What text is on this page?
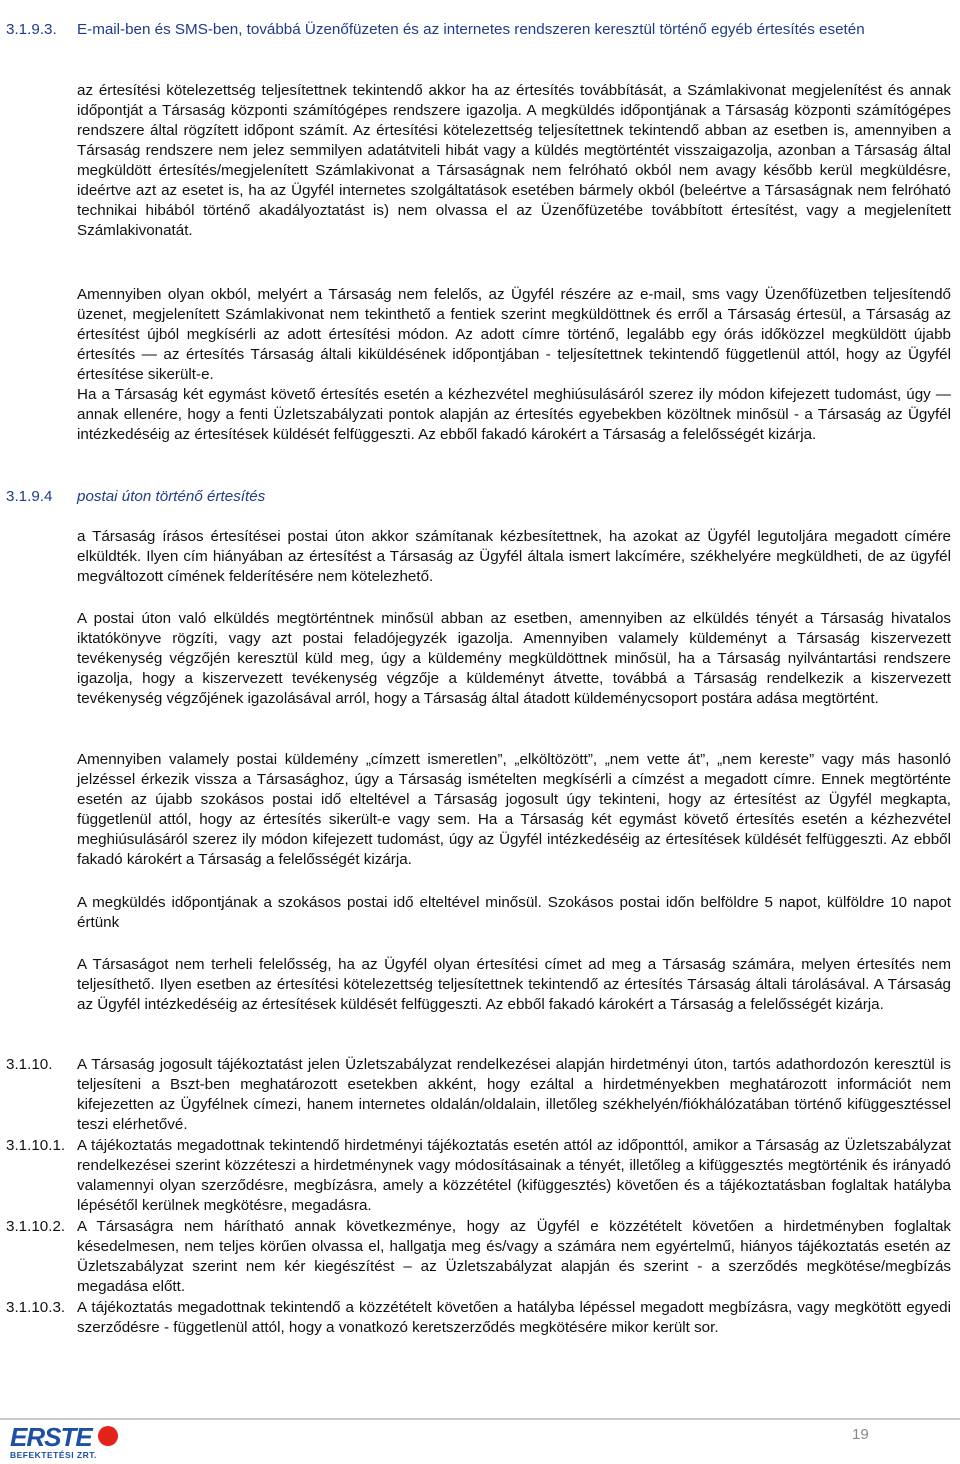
3.1.9.3. E-mail-ben és SMS-ben, továbbá Üzenőfüzeten és az internetes rendszeren keresztül történő egyéb értesítés esetén

az értesítési kötelezettség teljesítettnek tekintendő akkor ha az értesítés továbbítását, a Számlakivonat megjelenítést és annak időpontját a Társaság központi számítógépes rendszere igazolja. A megküldés időpontjának a Társaság központi számítógépes rendszere által rögzített időpont számít. Az értesítési kötelezettség teljesítettnek tekintendő abban az esetben is, amennyiben a Társaság rendszere nem jelez semmilyen adatátviteli hibát vagy a küldés megtörténtét visszaigazolja, azonban a Társaság által megküldött értesítés/megjelenített Számlakivonat a Társaságnak nem felróható okból nem avagy később kerül megküldésre, ideértve azt az esetet is, ha az Ügyfél internetes szolgáltatások esetében bármely okból (beleértve a Társaságnak nem felróható technikai hibából történő akadályoztatást is) nem olvassa el az Üzenőfüzetébe továbbított értesítést, vagy a megjelenített Számlakivonatát.

Amennyiben olyan okból, melyért a Társaság nem felelős, az Ügyfél részére az e-mail, sms vagy Üzenőfüzetben teljesítendő üzenet, megjelenített Számlakivonat nem tekinthető a fentiek szerint megküldöttnek és erről a Társaság értesül, a Társaság az értesítést újból megkísérli az adott értesítési módon. Az adott címre történő, legalább egy órás időközzel megküldött újabb értesítés — az értesítés Társaság általi kiküldésének időpontjában - teljesítettnek tekintendő függetlenül attól, hogy az Ügyfél értesítése sikerült-e.

Ha a Társaság két egymást követő értesítés esetén a kézhezvétel meghiúsulásáról szerez ily módon kifejezett tudomást, úgy — annak ellenére, hogy a fenti Üzletszabályzati pontok alapján az értesítés egyebekben közöltnek minősül - a Társaság az Ügyfél intézkedéséig az értesítések küldését felfüggeszti. Az ebből fakadó károkért a Társaság a felelősségét kizárja.

3.1.9.4 postai úton történő értesítés

a Társaság írásos értesítései postai úton akkor számítanak kézbesítettnek, ha azokat az Ügyfél legutoljára megadott címére elküldték. Ilyen cím hiányában az értesítést a Társaság az Ügyfél általa ismert lakcímére, székhelyére megküldheti, de az ügyfél megváltozott címének felderítésére nem kötelezhető.

A postai úton való elküldés megtörténtnek minősül abban az esetben, amennyiben az elküldés tényét a Társaság hivatalos iktatókönyve rögzíti, vagy azt postai feladójegyzék igazolja. Amennyiben valamely küldeményt a Társaság kiszervezett tevékenység végzőjén keresztül küld meg, úgy a küldemény megküldöttnek minősül, ha a Társaság nyilvántartási rendszere igazolja, hogy a kiszervezett tevékenység végzője a küldeményt átvette, továbbá a Társaság rendelkezik a kiszervezett tevékenység végzőjének igazolásával arról, hogy a Társaság által átadott küldeménycsoport postára adása megtörtént.

Amennyiben valamely postai küldemény „címzett ismeretlen”, „elköltözött”, „nem vette át”, „nem kereste” vagy más hasonló jelzéssel érkezik vissza a Társasághoz, úgy a Társaság ismételten megkísérli a címzést a megadott címre. Ennek megtörténte esetén az újabb szokásos postai idő elteltével a Társaság jogosult úgy tekinteni, hogy az értesítést az Ügyfél megkapta, függetlenül attól, hogy az értesítés sikerült-e vagy sem. Ha a Társaság két egymást követő értesítés esetén a kézhezvétel meghiúsulásáról szerez ily módon kifejezett tudomást, úgy az Ügyfél intézkedéséig az értesítések küldését felfüggeszti. Az ebből fakadó károkért a Társaság a felelősségét kizárja.

A megküldés időpontjának a szokásos postai idő elteltével minősül. Szokásos postai időn belföldre 5 napot, külföldre 10 napot értünk

A Társaságot nem terheli felelősség, ha az Ügyfél olyan értesítési címet ad meg a Társaság számára, melyen értesítés nem teljesíthető. Ilyen esetben az értesítési kötelezettség teljesítettnek tekintendő az értesítés Társaság általi tárolásával. A Társaság az Ügyfél intézkedéséig az értesítések küldését felfüggeszti. Az ebből fakadó károkért a Társaság a felelősségét kizárja.

3.1.10. A Társaság jogosult tájékoztatást jelen Üzletszabályzat rendelkezései alapján hirdetményi úton, tartós adathordozón keresztül is teljesíteni a Bszt-ben meghatározott esetekben akként, hogy ezáltal a hirdetményekben meghatározott információt nem kifejezetten az Ügyfélnek címezi, hanem internetes oldalán/oldalain, illetőleg székhelyén/fiókhálózatában történő kifüggesztéssel teszi elérhetővé.

3.1.10.1. A tájékoztatás megadottnak tekintendő hirdetményi tájékoztatás esetén attól az időponttól, amikor a Társaság az Üzletszabályzat rendelkezései szerint közzéteszi a hirdetménynek vagy módosításainak a tényét, illetőleg a kifüggesztés megtörténik és irányadó valamennyi olyan szerződésre, megbízásra, amely a közzététel (kifüggesztés) követően és a tájékoztatásban foglaltak hatályba lépésétől kerülnek megkötésre, megadásra.

3.1.10.2. A Társaságra nem hárítható annak következménye, hogy az Ügyfél e közzétételt követően a hirdetményben foglaltak késedelmesen, nem teljes körűen olvassa el, hallgatja meg és/vagy a számára nem egyértelmű, hiányos tájékoztatás esetén az Üzletszabályzat szerint nem kér kiegészítést – az Üzletszabályzat alapján és szerint - a szerződés megkötése/megbízás megadása előtt.

3.1.10.3. A tájékoztatás megadottnak tekintendő a közzétételt követően a hatályba lépéssel megadott megbízásra, vagy megkötött egyedi szerződésre - függetlenül attól, hogy a vonatkozó keretszerződés megkötésére mikor került sor.

ERSTE
BEFEKTETÉSI ZRT.
19
